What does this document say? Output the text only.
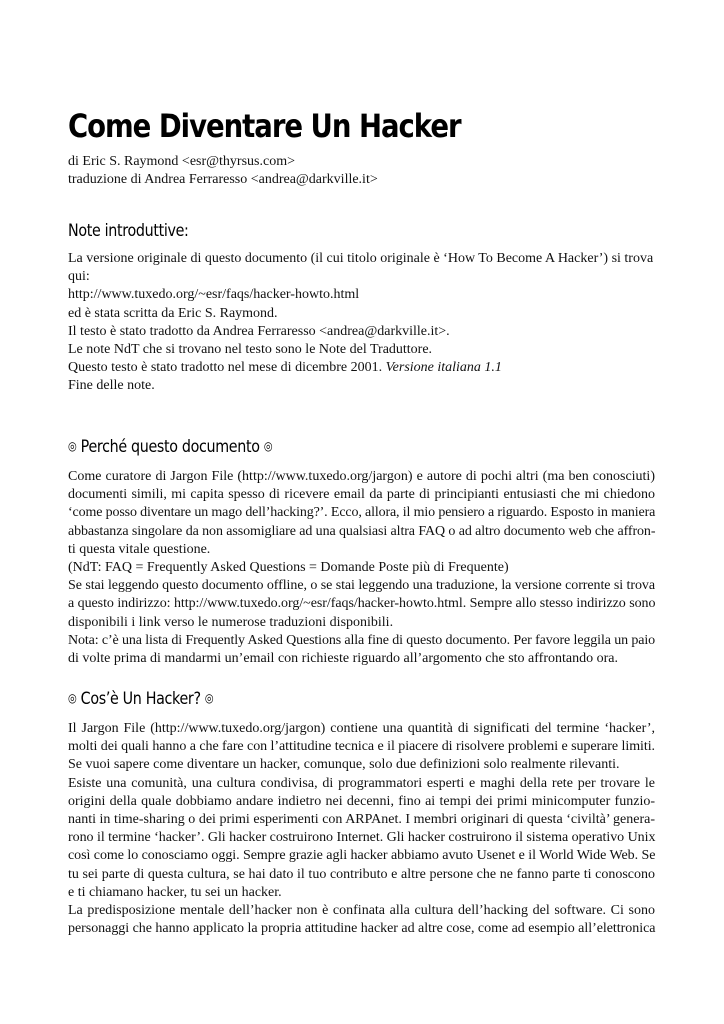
Come Diventare Un Hacker
di Eric S. Raymond <esr@thyrsus.com>
traduzione di Andrea Ferraresso <andrea@darkville.it>
Note introduttive:
La versione originale di questo documento (il cui titolo originale è ‘How To Become A Hacker’) si trova
qui:
http://www.tuxedo.org/~esr/faqs/hacker-howto.html
ed è stata scritta da Eric S. Raymond.
Il testo è stato tradotto da Andrea Ferraresso <andrea@darkville.it>.
Le note NdT che si trovano nel testo sono le Note del Traduttore.
Questo testo è stato tradotto nel mese di dicembre 2001. Versione italiana 1.1
Fine delle note.
◎ Perché questo documento ◎
Come curatore di Jargon File (http://www.tuxedo.org/jargon) e autore di pochi altri (ma ben conosciuti)
documenti simili, mi capita spesso di ricevere email da parte di principianti entusiasti che mi chiedono
‘come posso diventare un mago dell’hacking?’. Ecco, allora, il mio pensiero a riguardo. Esposto in maniera
abbastanza singolare da non assomigliare ad una qualsiasi altra FAQ o ad altro documento web che affron-
ti questa vitale questione.
(NdT: FAQ = Frequently Asked Questions = Domande Poste più di Frequente)
Se stai leggendo questo documento offline, o se stai leggendo una traduzione, la versione corrente si trova
a questo indirizzo: http://www.tuxedo.org/~esr/faqs/hacker-howto.html. Sempre allo stesso indirizzo sono
disponibili i link verso le numerose traduzioni disponibili.
Nota: c’è una lista di Frequently Asked Questions alla fine di questo documento. Per favore leggila un paio
di volte prima di mandarmi un’email con richieste riguardo all’argomento che sto affrontando ora.
◎ Cos’è Un Hacker? ◎
Il Jargon File (http://www.tuxedo.org/jargon) contiene una quantità di significati del termine ‘hacker’,
molti dei quali hanno a che fare con l’attitudine tecnica e il piacere di risolvere problemi e superare limiti.
Se vuoi sapere come diventare un hacker, comunque, solo due definizioni solo realmente rilevanti.
Esiste una comunità, una cultura condivisa, di programmatori esperti e maghi della rete per trovare le
origini della quale dobbiamo andare indietro nei decenni, fino ai tempi dei primi minicomputer funzio-
nanti in time-sharing o dei primi esperimenti con ARPAnet. I membri originari di questa ‘civiltà’ genera-
rono il termine ‘hacker’. Gli hacker costruirono Internet. Gli hacker costruirono il sistema operativo Unix
così come lo conosciamo oggi. Sempre grazie agli hacker abbiamo avuto Usenet e il World Wide Web. Se
tu sei parte di questa cultura, se hai dato il tuo contributo e altre persone che ne fanno parte ti conoscono
e ti chiamano hacker, tu sei un hacker.
La predisposizione mentale dell’hacker non è confinata alla cultura dell’hacking del software. Ci sono
personaggi che hanno applicato la propria attitudine hacker ad altre cose, come ad esempio all’elettronica
